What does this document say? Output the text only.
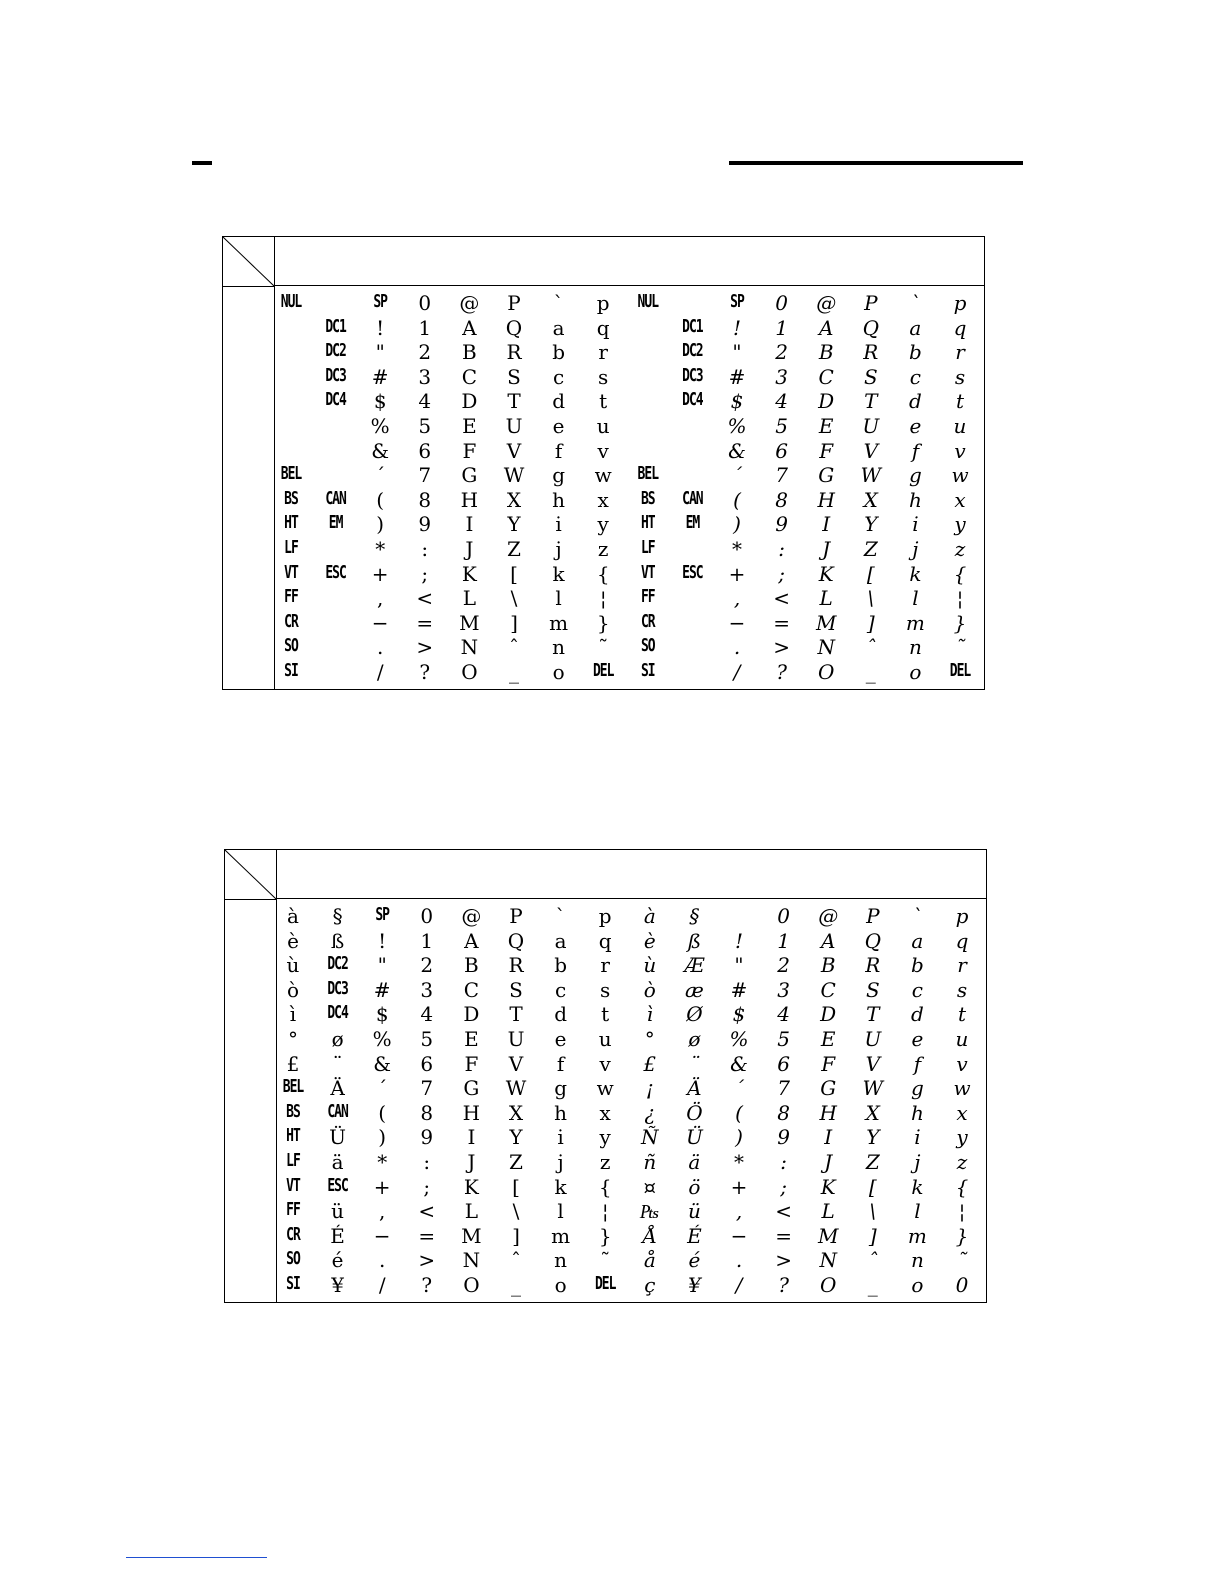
NUL
BEL
BS
HT
LF
VT
FF
CR
SO
SI
DC1
DC2
DC3
DC4
CAN
EM
ESC
SP
!
"
#
$
%
&
´
(
)
*
+
,
−
.
/
0
1
2
3
4
5
6
7
8
9
:
;
<
=
>
?
@
A
B
C
D
E
F
G
H
I
J
K
L
M
N
O
P
Q
R
S
T
U
V
W
X
Y
Z
[
\
]
ˆ
_
`
a
b
c
d
e
f
g
h
i
j
k
l
m
n
o
p
q
r
s
t
u
v
w
x
y
z
{
¦
}
˜
DEL
NUL
BEL
BS
HT
LF
VT
FF
CR
SO
SI
DC1
DC2
DC3
DC4
CAN
EM
ESC
SP
!
"
#
$
%
&
´
(
)
*
+
,
−
.
/
0
1
2
3
4
5
6
7
8
9
:
;
<
=
>
?
@
A
B
C
D
E
F
G
H
I
J
K
L
M
N
O
P
Q
R
S
T
U
V
W
X
Y
Z
[
\
]
ˆ
_
`
a
b
c
d
e
f
g
h
i
j
k
l
m
n
o
p
q
r
s
t
u
v
w
x
y
z
{
¦
}
˜
DEL
à
è
ù
ò
ì
°
£
BEL
BS
HT
LF
VT
FF
CR
SO
SI
§
ß
DC2
DC3
DC4
ø
¨
Ä
CAN
Ü
ä
ESC
ü
É
é
¥
SP
!
"
#
$
%
&
´
(
)
*
+
,
−
.
/
0
1
2
3
4
5
6
7
8
9
:
;
<
=
>
?
@
A
B
C
D
E
F
G
H
I
J
K
L
M
N
O
P
Q
R
S
T
U
V
W
X
Y
Z
[
\
]
ˆ
_
`
a
b
c
d
e
f
g
h
i
j
k
l
m
n
o
p
q
r
s
t
u
v
w
x
y
z
{
¦
}
˜
DEL
à
è
ù
ò
ì
°
£
¡
¿
Ñ
ñ
¤
₧
Å
å
ç
§
ß
Æ
æ
Ø
ø
¨
Ä
Ö
Ü
ä
ö
ü
É
é
¥
!
"
#
$
%
&
´
(
)
*
+
,
−
.
/
0
1
2
3
4
5
6
7
8
9
:
;
<
=
>
?
@
A
B
C
D
E
F
G
H
I
J
K
L
M
N
O
P
Q
R
S
T
U
V
W
X
Y
Z
[
\
]
ˆ
_
`
a
b
c
d
e
f
g
h
i
j
k
l
m
n
o
p
q
r
s
t
u
v
w
x
y
z
{
¦
}
˜
0
